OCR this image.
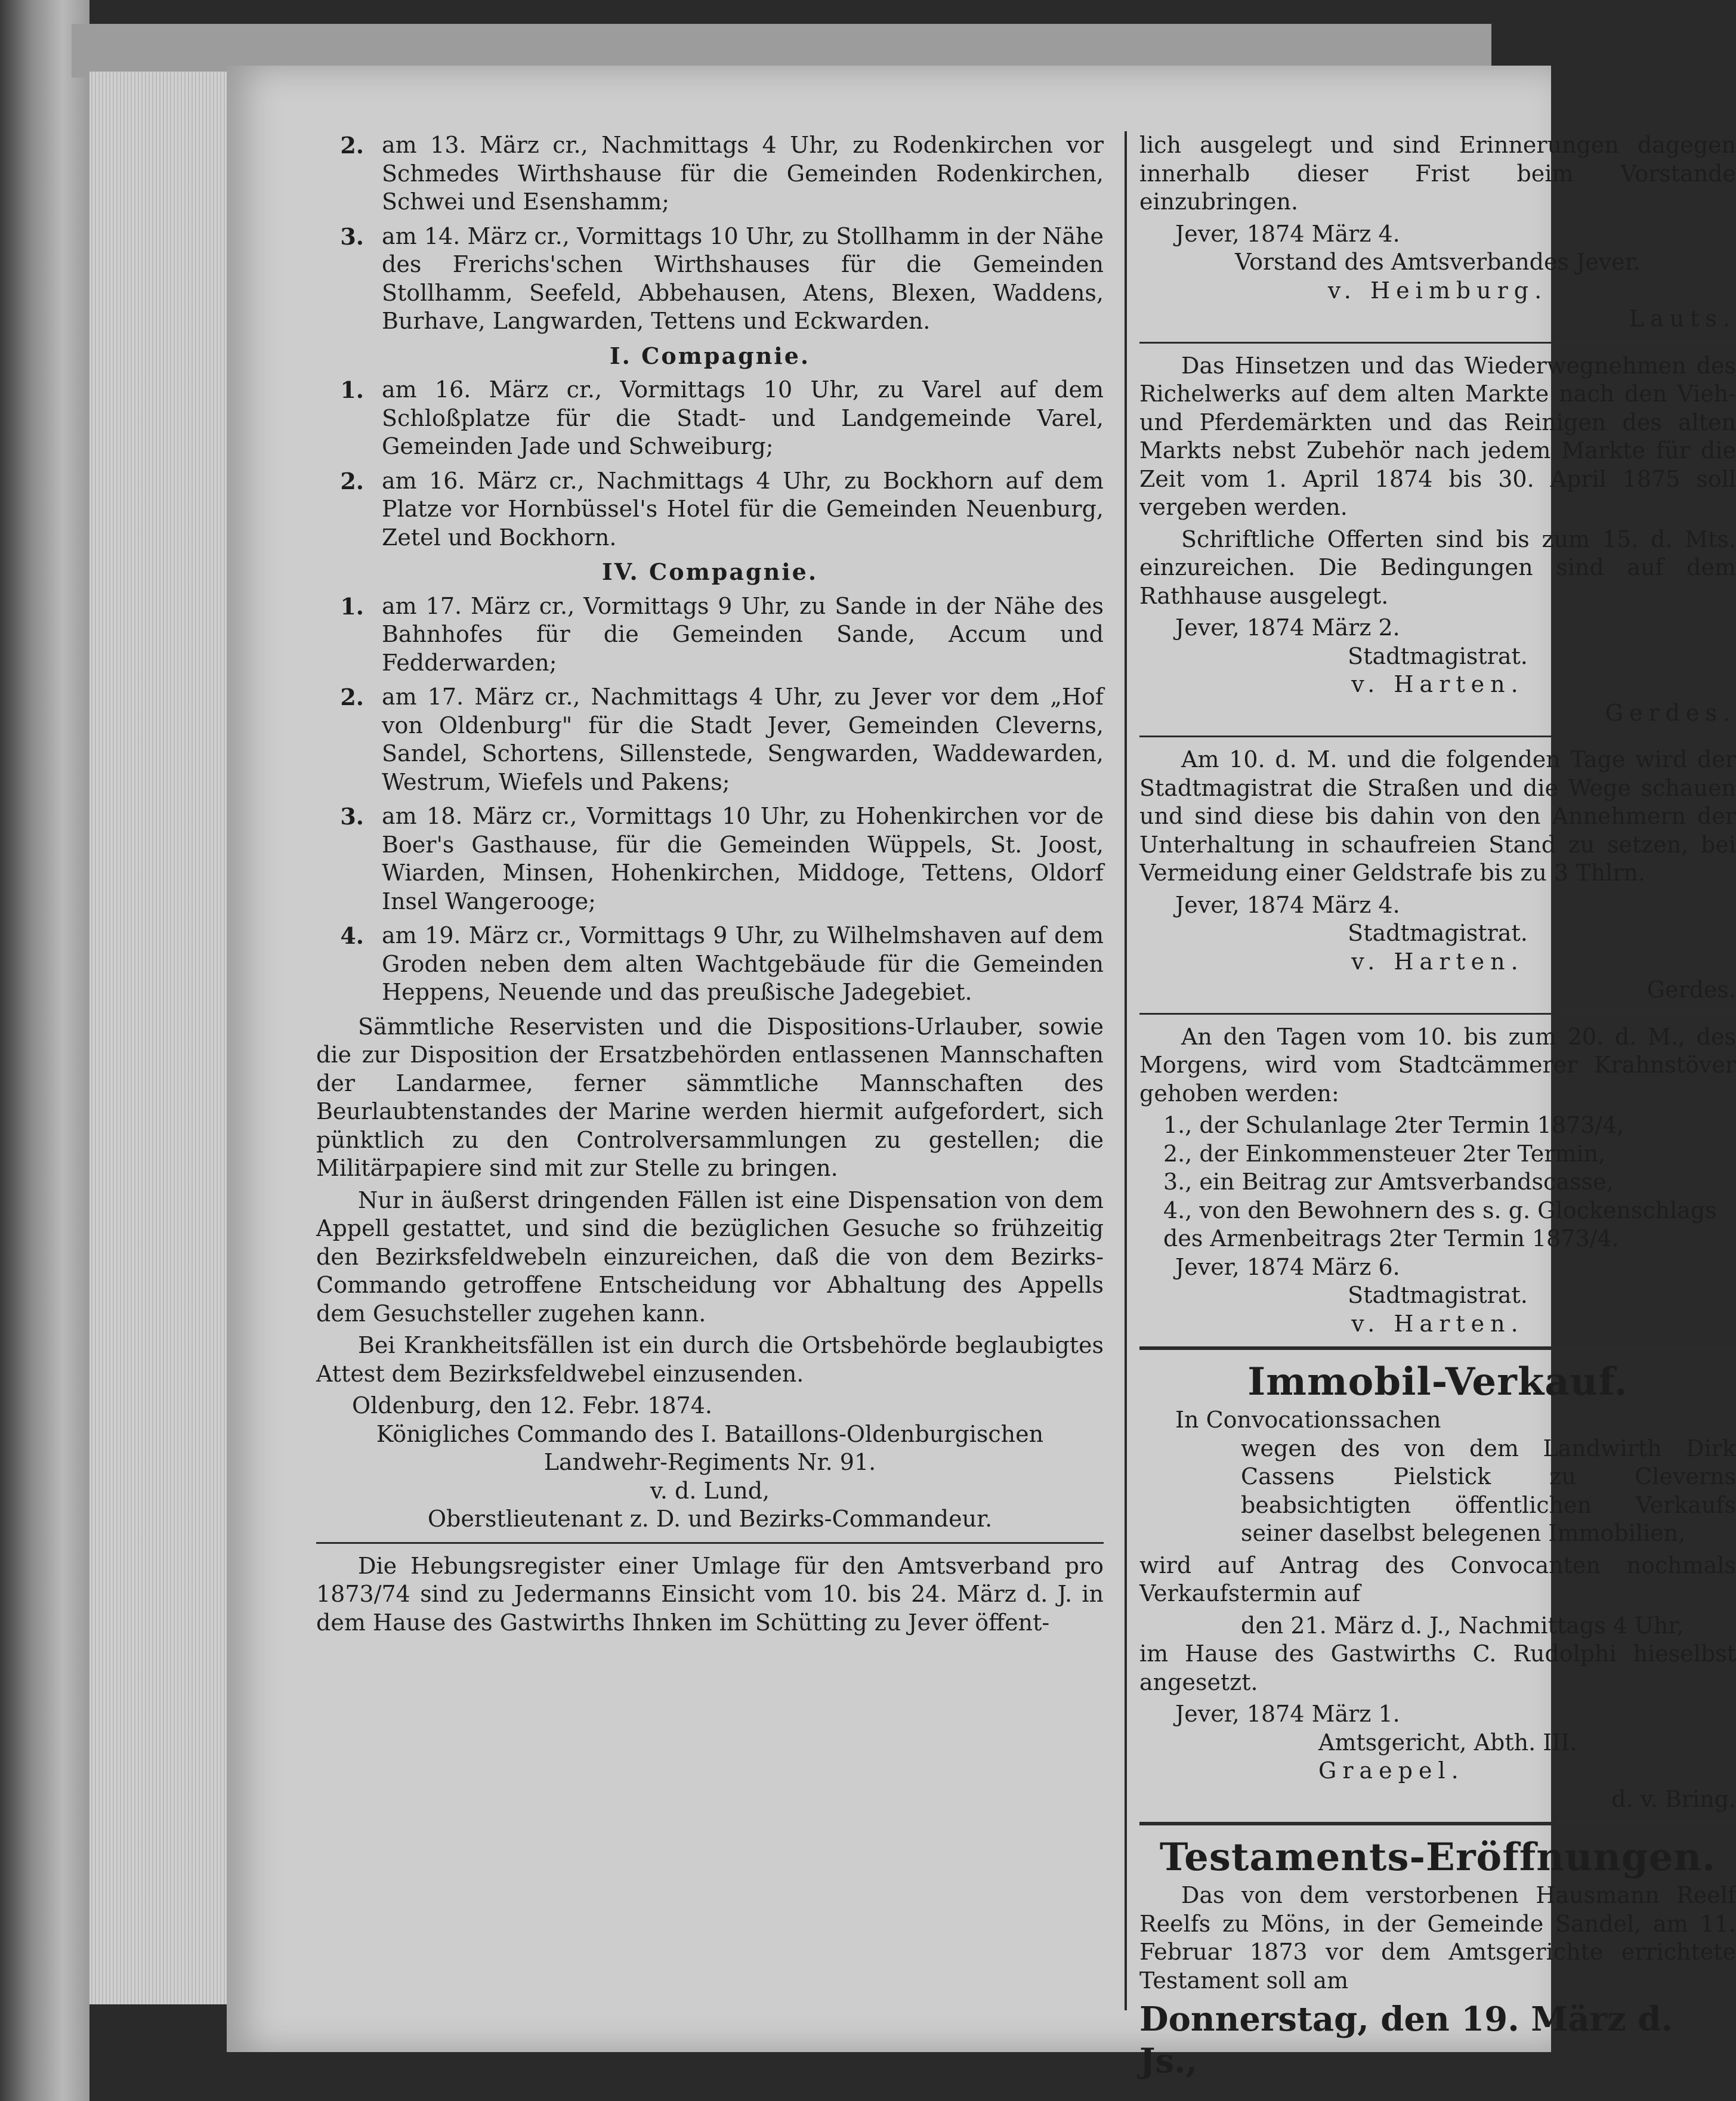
2. am 13. März cr., Nachmittags 4 Uhr, zu Rodenkirchen vor Schmedes Wirthshause für die Gemeinden Rodenkirchen, Schwei und Esenshamm;
3. am 14. März cr., Vormittags 10 Uhr, zu Stollhamm in der Nähe des Frerichs'schen Wirthshauses für die Gemeinden Stollhamm, Seefeld, Abbehausen, Atens, Blexen, Waddens, Burhave, Langwarden, Tettens und Eckwarden.
I. Compagnie.
1. am 16. März cr., Vormittags 10 Uhr, zu Varel auf dem Schloßplatze für die Stadt- und Landgemeinde Varel, Gemeinden Jade und Schweiburg;
2. am 16. März cr., Nachmittags 4 Uhr, zu Bockhorn auf dem Platze vor Hornbüssel's Hotel für die Gemeinden Neuenburg, Zetel und Bockhorn.
IV. Compagnie.
1. am 17. März cr., Vormittags 9 Uhr, zu Sande in der Nähe des Bahnhofes für die Gemeinden Sande, Accum und Fedderwarden;
2. am 17. März cr., Nachmittags 4 Uhr, zu Jever vor dem „Hof von Oldenburg" für die Stadt Jever, Gemeinden Cleverns, Sandel, Schortens, Sillenstede, Sengwarden, Waddewarden, Westrum, Wiefels und Pakens;
3. am 18. März cr., Vormittags 10 Uhr, zu Hohenkirchen vor de Boer's Gasthause, für die Gemeinden Wüppels, St. Joost, Wiarden, Minsen, Hohenkirchen, Middoge, Tettens, Oldorf Insel Wangerooge;
4. am 19. März cr., Vormittags 9 Uhr, zu Wilhelmshaven auf dem Groden neben dem alten Wachtgebäude für die Gemeinden Heppens, Neuende und das preußische Jadegebiet.

Sämmtliche Reservisten und die Dispositions-Urlauber, sowie die zur Disposition der Ersatzbehörden entlassenen Mannschaften der Landarmee, ferner sämmtliche Mannschaften des Beurlaubtenstandes der Marine werden hiermit aufgefordert, sich pünktlich zu den Controlversammlungen zu gestellen; die Militärpapiere sind mit zur Stelle zu bringen.

Nur in äußerst dringenden Fällen ist eine Dispensation von dem Appell gestattet, und sind die bezüglichen Gesuche so frühzeitig den Bezirksfeldwebeln einzureichen, daß die von dem Bezirks-Commando getroffene Entscheidung vor Abhaltung des Appells dem Gesuchsteller zugehen kann.

Bei Krankheitsfällen ist ein durch die Ortsbehörde beglaubigtes Attest dem Bezirksfeldwebel einzusenden.

Oldenburg, den 12. Febr. 1874.
Königliches Commando des I. Bataillons-Oldenburgischen Landwehr-Regiments Nr. 91.
v. d. Lund,
Oberstlieutenant z. D. und Bezirks-Commandeur.

Die Hebungsregister einer Umlage für den Amtsverband pro 1873/74 sind zu Jedermanns Einsicht vom 10. bis 24. März d. J. in dem Hause des Gastwirths Ihnken im Schütting zu Jever öffent-

lich ausgelegt und sind Erinnerungen dagegen innerhalb dieser Frist beim Vorstande einzubringen.

Jever, 1874 März 4.
Vorstand des Amtsverbandes Jever.
v. Heimburg.
Lauts.

Das Hinsetzen und das Wiederwegnehmen des Richelwerks auf dem alten Markte nach den Vieh- und Pferdemärkten und das Reinigen des alten Markts nebst Zubehör nach jedem Markte für die Zeit vom 1. April 1874 bis 30. April 1875 soll vergeben werden.

Schriftliche Offerten sind bis zum 15. d. Mts. einzureichen. Die Bedingungen sind auf dem Rathhause ausgelegt.

Jever, 1874 März 2.
Stadtmagistrat.
v. Harten.
Gerdes.

Am 10. d. M. und die folgenden Tage wird der Stadtmagistrat die Straßen und die Wege schauen und sind diese bis dahin von den Annehmern der Unterhaltung in schaufreien Stand zu setzen, bei Vermeidung einer Geldstrafe bis zu 3 Thlrn.

Jever, 1874 März 4.
Stadtmagistrat.
v. Harten.
Gerdes.

An den Tagen vom 10. bis zum 20. d. M., des Morgens, wird vom Stadtcämmerer Krahnstöver gehoben werden:

1., der Schulanlage 2ter Termin 1873/4,
2., der Einkommensteuer 2ter Termin,
3., ein Beitrag zur Amtsverbandscasse,
4., von den Bewohnern des s. g. Glockenschlags des Armenbeitrags 2ter Termin 1873/4.
Jever, 1874 März 6.
Stadtmagistrat.
v. Harten.
Immobil-Verkauf.
In Convocationssachen
wegen des von dem Landwirth Dirk Cassens Pielstick zu Cleverns beabsichtigten öffentlichen Verkaufs seiner daselbst belegenen Immobilien,
wird auf Antrag des Convocanten nochmals Verkaufstermin auf
den 21. März d. J., Nachmittags 4 Uhr,
im Hause des Gastwirths C. Rudolphi hieselbst angesetzt.
Jever, 1874 März 1.
Amtsgericht, Abth. III.
Graepel.
d. v. Bring.
Testaments-Eröffnungen.

Das von dem verstorbenen Hausmann Reelf Reelfs zu Möns, in der Gemeinde Sandel, am 11. Februar 1873 vor dem Amtsgerichte errichtete Testament soll am

Donnerstag, den 19. März d. Js.,
